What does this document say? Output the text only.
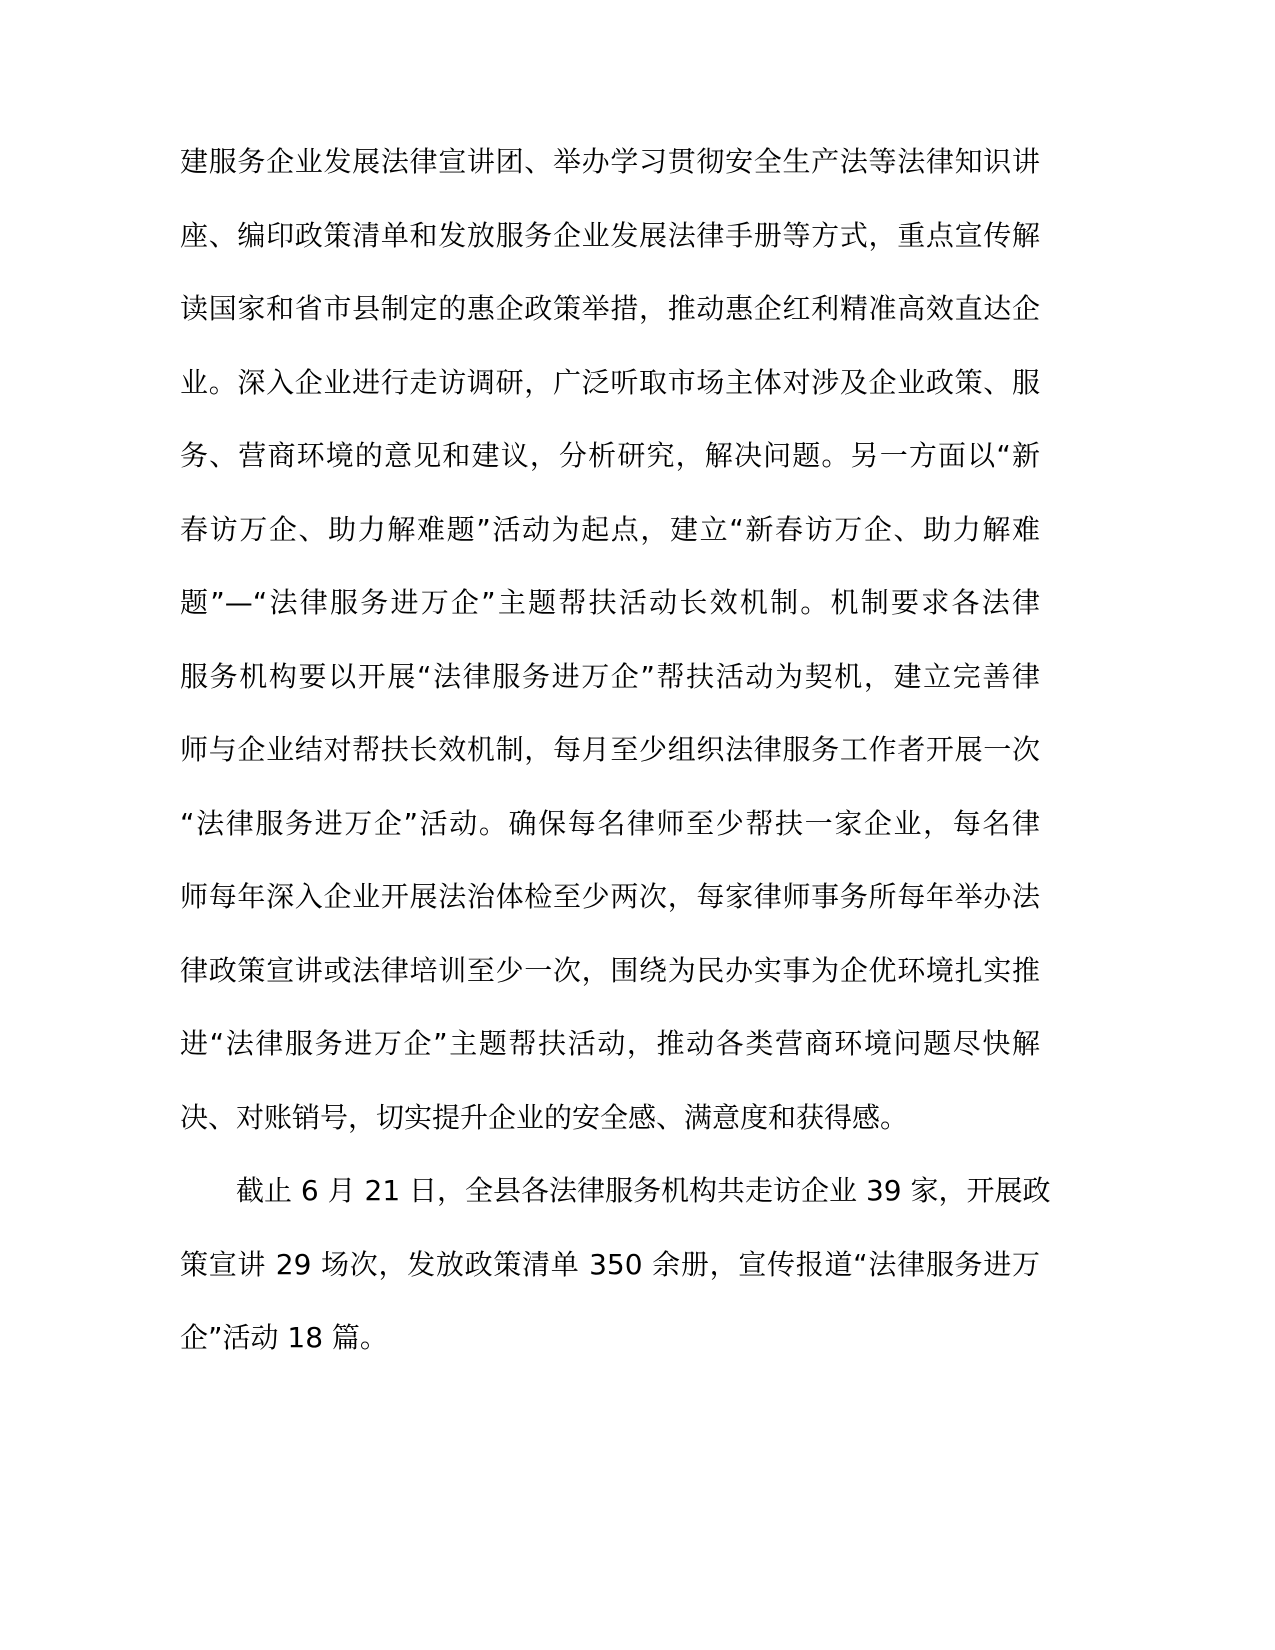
建服务企业发展法律宣讲团、举办学习贯彻安全生产法等法律知识讲
座、编印政策清单和发放服务企业发展法律手册等方式，重点宣传解
读国家和省市县制定的惠企政策举措，推动惠企红利精准高效直达企
业。深入企业进行走访调研，广泛听取市场主体对涉及企业政策、服
务、营商环境的意见和建议，分析研究，解决问题。另一方面以“新
春访万企、助力解难题”活动为起点，建立“新春访万企、助力解难
题”—“法律服务进万企”主题帮扶活动长效机制。机制要求各法律
服务机构要以开展“法律服务进万企”帮扶活动为契机，建立完善律
师与企业结对帮扶长效机制，每月至少组织法律服务工作者开展一次
“法律服务进万企”活动。确保每名律师至少帮扶一家企业，每名律
师每年深入企业开展法治体检至少两次，每家律师事务所每年举办法
律政策宣讲或法律培训至少一次，围绕为民办实事为企优环境扎实推
进“法律服务进万企”主题帮扶活动，推动各类营商环境问题尽快解
决、对账销号，切实提升企业的安全感、满意度和获得感。
截止 6 月 21 日，全县各法律服务机构共走访企业 39 家，开展政
策宣讲 29 场次，发放政策清单 350 余册，宣传报道“法律服务进万
企”活动 18 篇。
